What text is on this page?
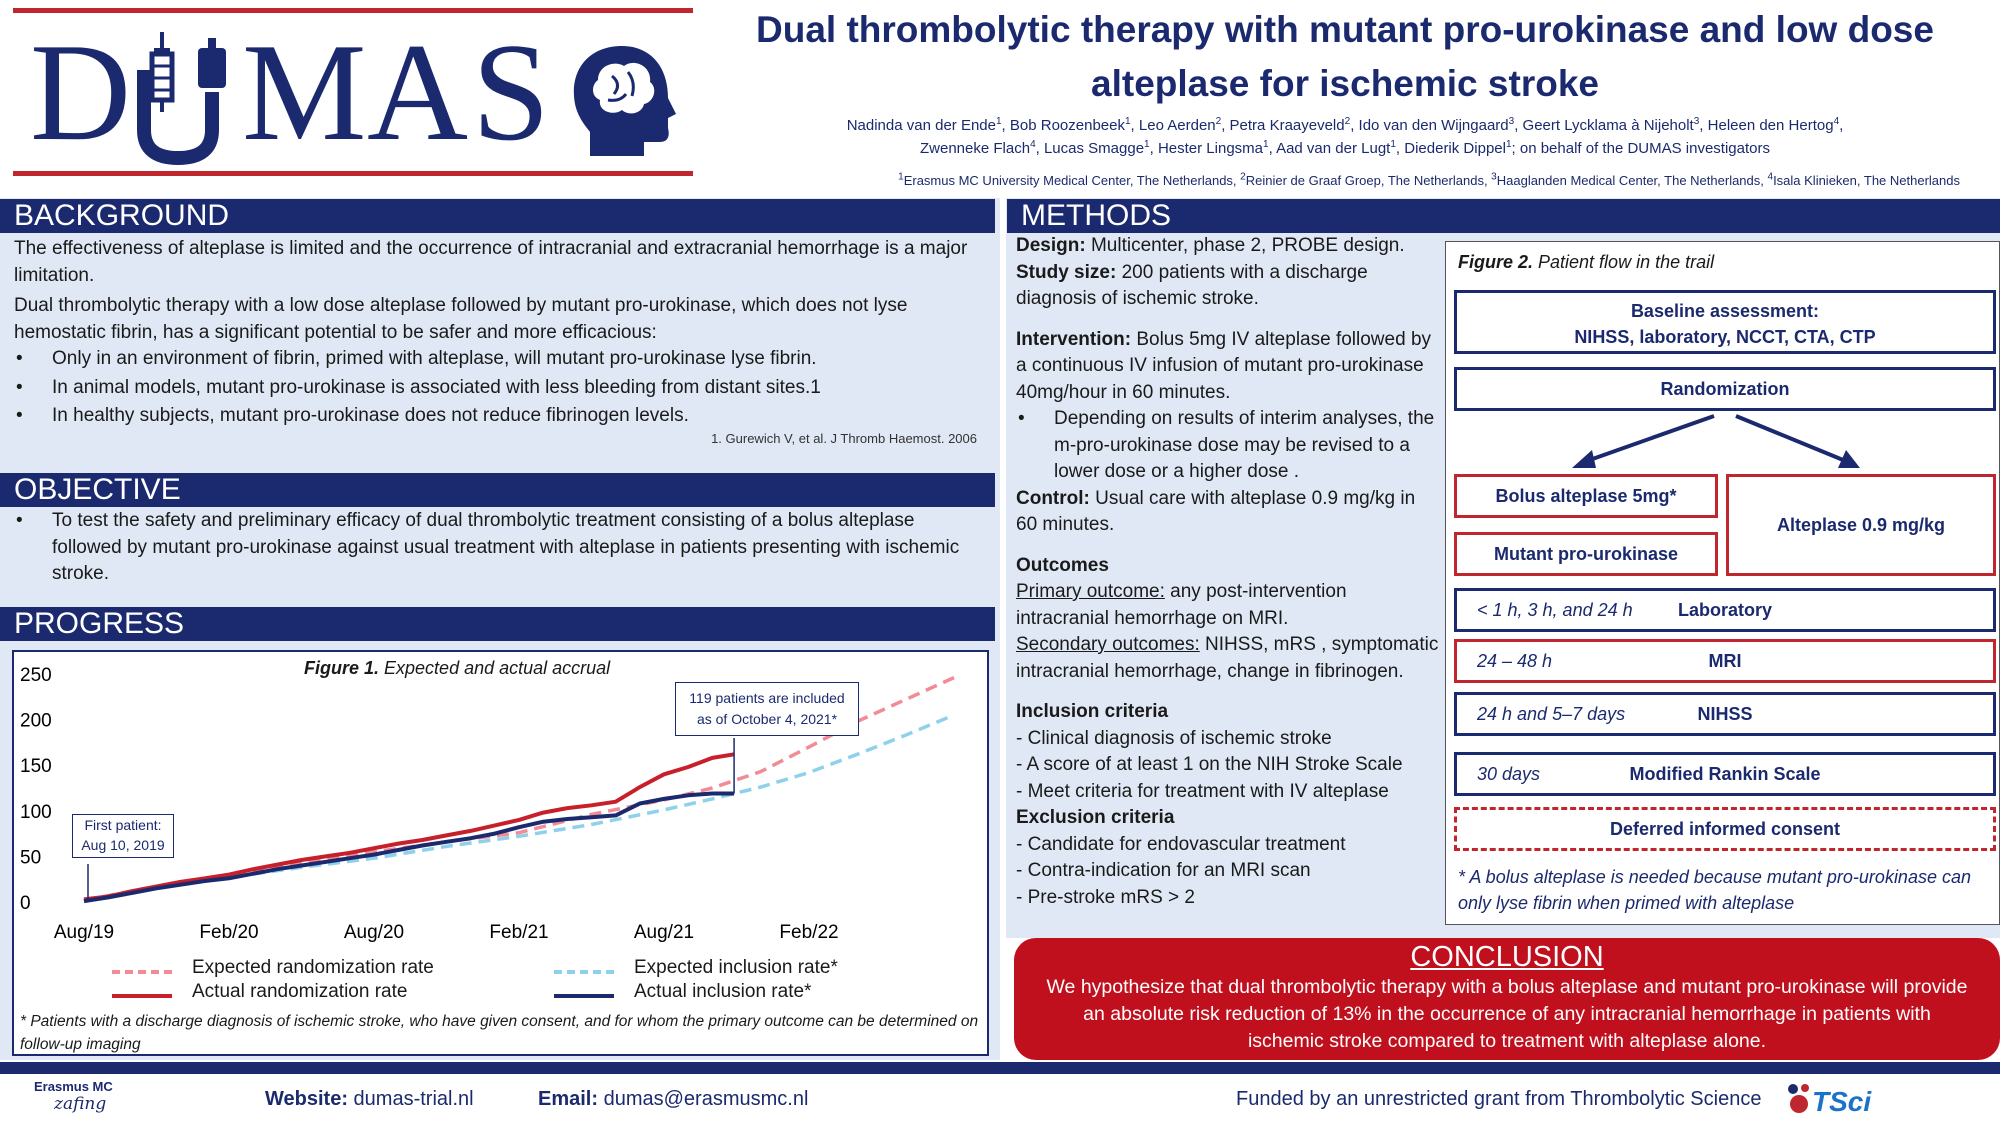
D M A S	Dual thrombolytic therapy with mutant pro-urokinase and low dose
alteplase for ischemic stroke
Nadinda van der Ende$^1$, Bob Roozenbeek$^1$, Leo Aerden$^2$, Petra Kraayeveld$^2$, Ido van den Wijngaard$^3$, Geert Lycklama à Nijeholt$^3$, Heleen den Hertog$^4$,
Zwenneke Flach$^4$, Lucas Smagge$^1$, Hester Lingsma$^1$, Aad van der Lugt$^1$, Diederik Dippel$^1$; on behalf of the DUMAS investigators
$^1$Erasmus MC University Medical Center, The Netherlands, $^2$Reinier de Graaf Groep, The Netherlands, $^3$Haaglanden Medical Center, The Netherlands, $^4$Isala Klinieken, The Netherlands
BACKGROUND
The effectiveness of alteplase is limited and the occurrence of intracranial and extracranial hemorrhage is a major limitation.
Dual thrombolytic therapy with a low dose alteplase followed by mutant pro-urokinase, which does not lyse hemostatic fibrin, has a significant potential to be safer and more efficacious:
• Only in an environment of fibrin, primed with alteplase, will mutant pro-urokinase lyse fibrin.
• In animal models, mutant pro-urokinase is associated with less bleeding from distant sites.1
• In healthy subjects, mutant pro-urokinase does not reduce fibrinogen levels.
1. Gurewich V, et al. J Thromb Haemost. 2006
OBJECTIVE
• To test the safety and preliminary efficacy of dual thrombolytic treatment consisting of a bolus alteplase followed by mutant pro-urokinase against usual treatment with alteplase in patients presenting with ischemic stroke.
PROGRESS
Figure 1. Expected and actual accrual
0
50
100
150
200
250
Aug/19	Feb/20	Aug/20	Feb/21	Aug/21	Feb/22
First patient:
Aug 10, 2019
119 patients are included
as of October 4, 2021*
Expected randomization rate	Expected inclusion rate*
Actual randomization rate	Actual inclusion rate*
* Patients with a discharge diagnosis of ischemic stroke, who have given consent, and for whom the primary outcome can be determined on follow-up imaging
METHODS
Design: Multicenter, phase 2, PROBE design.
Study size: 200 patients with a discharge diagnosis of ischemic stroke.
Intervention: Bolus 5mg IV alteplase followed by a continuous IV infusion of mutant pro-urokinase 40mg/hour in 60 minutes.
• Depending on results of interim analyses, the m-pro-urokinase dose may be revised to a lower dose or a higher dose .
Control: Usual care with alteplase 0.9 mg/kg in 60 minutes.
Outcomes
Primary outcome: any post-intervention intracranial hemorrhage on MRI.
Secondary outcomes: NIHSS, mRS , symptomatic intracranial hemorrhage, change in fibrinogen.
Inclusion criteria
- Clinical diagnosis of ischemic stroke
- A score of at least 1 on the NIH Stroke Scale
- Meet criteria for treatment with IV alteplase
Exclusion criteria
- Candidate for endovascular treatment
- Contra-indication for an MRI scan
- Pre-stroke mRS > 2
Figure 2. Patient flow in the trail
Baseline assessment:
NIHSS, laboratory, NCCT, CTA, CTP
Randomization
Bolus alteplase 5mg*
Mutant pro-urokinase
Alteplase 0.9 mg/kg
< 1 h, 3 h, and 24 h	Laboratory
24 – 48 h	MRI
24 h and 5–7 days	NIHSS
30 days	Modified Rankin Scale
Deferred informed consent
* A bolus alteplase is needed because mutant pro-urokinase can only lyse fibrin when primed with alteplase
CONCLUSION
We hypothesize that dual thrombolytic therapy with a bolus alteplase and mutant pro-urokinase will provide an absolute risk reduction of 13% in the occurrence of any intracranial hemorrhage in patients with ischemic stroke compared to treatment with alteplase alone.
Erasmus MC
zafing	Website: dumas-trial.nl	Email: dumas@erasmusmc.nl	Funded by an unrestricted grant from Thrombolytic Science TSci
